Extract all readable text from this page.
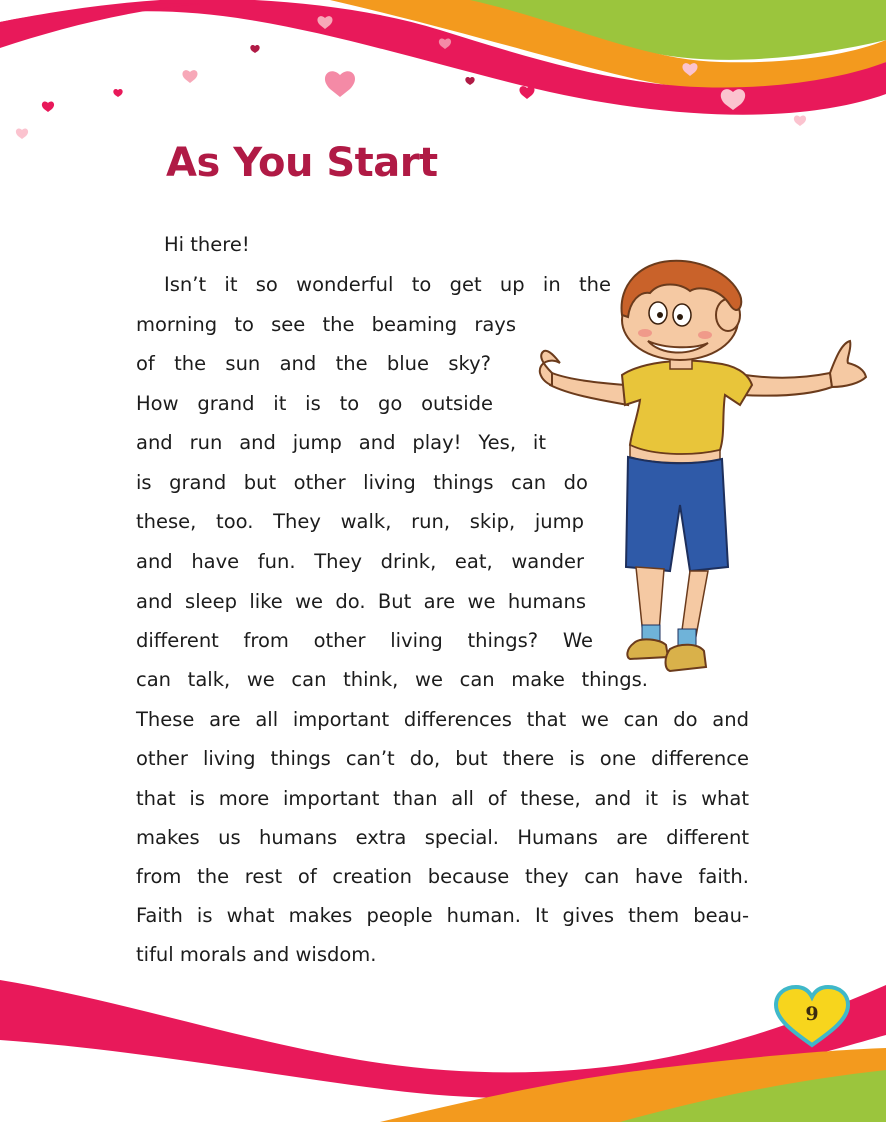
As You Start
Hi there!
Isn’t it so wonderful to get up in the
morning to see the beaming rays
of the sun and the blue sky?
How grand it is to go outside
and run and jump and play! Yes, it
is grand but other living things can do
these, too. They walk, run, skip, jump
and have fun. They drink, eat, wander
and sleep like we do. But are we humans
different from other living things? We
can talk, we can think, we can make things.
These are all important differences that we can do and
other living things can’t do, but there is one difference
that is more important than all of these, and it is what
makes us humans extra special. Humans are different
from the rest of creation because they can have faith.
Faith is what makes people human. It gives them beau-
tiful morals and wisdom.
9
